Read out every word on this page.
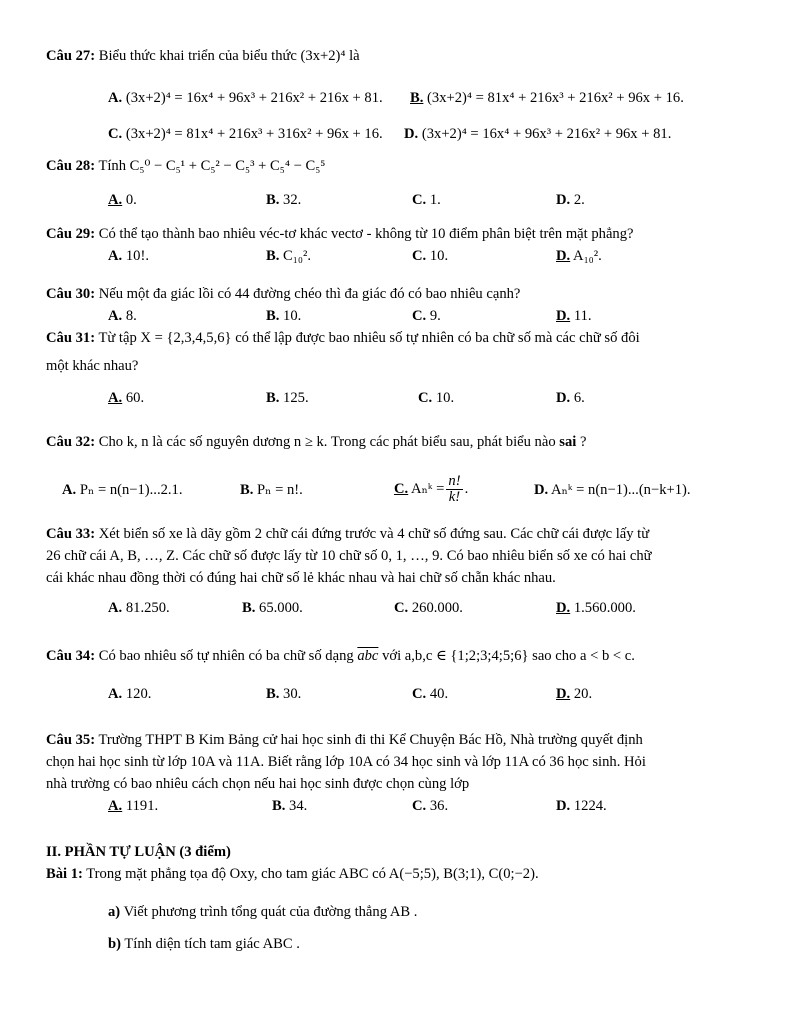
Câu 27: Biểu thức khai triển của biểu thức (3x+2)⁴ là
A. (3x+2)⁴ = 16x⁴ + 96x³ + 216x² + 216x + 81. B. (3x+2)⁴ = 81x⁴ + 216x³ + 216x² + 96x + 16.
C. (3x+2)⁴ = 81x⁴ + 216x³ + 316x² + 96x + 16. D. (3x+2)⁴ = 16x⁴ + 96x³ + 216x² + 96x + 81.
Câu 28: Tính C₅⁰ − C₅¹ + C₅² − C₅³ + C₅⁴ − C₅⁵
A. 0.	B. 32.	C. 1.	D. 2.
Câu 29: Có thể tạo thành bao nhiêu véc-tơ khác vectơ - không từ 10 điểm phân biệt trên mặt phẳng?
A. 10!.	B. C₁₀².	C. 10.	D. A₁₀².
Câu 30: Nếu một đa giác lồi có 44 đường chéo thì đa giác đó có bao nhiêu cạnh?
A. 8.	B. 10.	C. 9.	D. 11.
Câu 31: Từ tập X = {2,3,4,5,6} có thể lập được bao nhiêu số tự nhiên có ba chữ số mà các chữ số đôi
một khác nhau?
A. 60.	B. 125.	C. 10.	D. 6.
Câu 32: Cho k, n là các số nguyên dương n ≥ k. Trong các phát biểu sau, phát biểu nào sai ?
A. Pₙ = n(n−1)...2.1.	B. Pₙ = n!.	C. Aₙᵏ = $\frac{n!}{k!}$ .	D. Aₙᵏ = n(n−1)...(n−k+1).
Câu 33: Xét biển số xe là dãy gồm 2 chữ cái đứng trước và 4 chữ số đứng sau. Các chữ cái được lấy từ
26 chữ cái A, B, …, Z. Các chữ số được lấy từ 10 chữ số 0, 1, …, 9. Có bao nhiêu biển số xe có hai chữ
cái khác nhau đồng thời có đúng hai chữ số lẻ khác nhau và hai chữ số chẵn khác nhau.
A. 81.250.	B. 65.000.	C. 260.000.	D. 1.560.000.
Câu 34: Có bao nhiêu số tự nhiên có ba chữ số dạng $\overline{abc}$ với a,b,c ∈ {1;2;3;4;5;6} sao cho a < b < c.
A. 120.	B. 30.	C. 40.	D. 20.
Câu 35: Trường THPT B Kim Bảng cử hai học sinh đi thi Kể Chuyện Bác Hồ, Nhà trường quyết định
chọn hai học sinh từ lớp 10A và 11A. Biết rằng lớp 10A có 34 học sinh và lớp 11A có 36 học sinh. Hỏi
nhà trường có bao nhiêu cách chọn nếu hai học sinh được chọn cùng lớp
A. 1191.	B. 34.	C. 36.	D. 1224.
II. PHẦN TỰ LUẬN (3 điểm)
Bài 1: Trong mặt phẳng tọa độ Oxy, cho tam giác ABC có A(−5;5), B(3;1), C(0;−2).
a) Viết phương trình tổng quát của đường thẳng AB .
b) Tính diện tích tam giác ABC .
